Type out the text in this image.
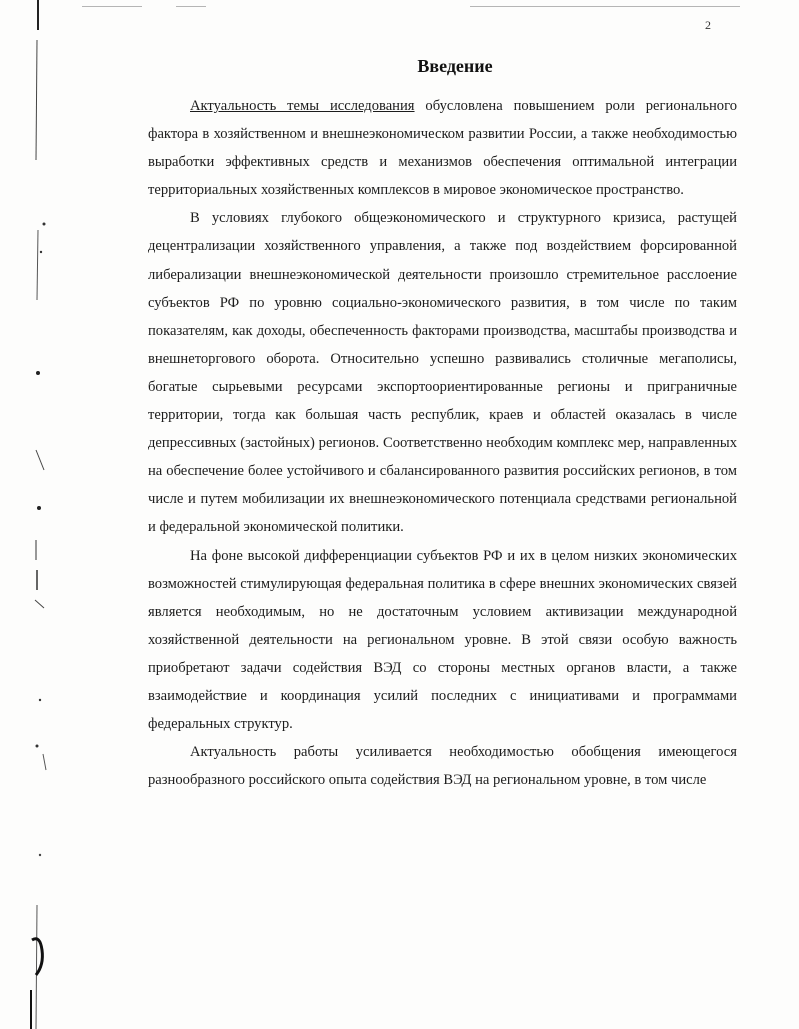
2
Введение

Актуальность темы исследования обусловлена повышением роли регионального фактора в хозяйственном и внешнеэкономическом развитии России, а также необходимостью выработки эффективных средств и механизмов обеспечения оптимальной интеграции территориальных хозяйственных комплексов в мировое экономическое пространство.

В условиях глубокого общеэкономического и структурного кризиса, растущей децентрализации хозяйственного управления, а также под воздействием форсированной либерализации внешнеэкономической деятельности произошло стремительное расслоение субъектов РФ по уровню социально-экономического развития, в том числе по таким показателям, как доходы, обеспеченность факторами производства, масштабы производства и внешнеторгового оборота. Относительно успешно развивались столичные мегаполисы, богатые сырьевыми ресурсами экспортоориентированные регионы и приграничные территории, тогда как большая часть республик, краев и областей оказалась в числе депрессивных (застойных) регионов. Соответственно необходим комплекс мер, направленных на обеспечение более устойчивого и сбалансированного развития российских регионов, в том числе и путем мобилизации их внешнеэкономического потенциала средствами региональной и федеральной экономической политики.

На фоне высокой дифференциации субъектов РФ и их в целом низких экономических возможностей стимулирующая федеральная политика в сфере внешних экономических связей является необходимым, но не достаточным условием активизации международной хозяйственной деятельности на региональном уровне. В этой связи особую важность приобретают задачи содействия ВЭД со стороны местных органов власти, а также взаимодействие и координация усилий последних с инициативами и программами федеральных структур.

Актуальность работы усиливается необходимостью обобщения имеющегося разнообразного российского опыта содействия ВЭД на региональном уровне, в том числе
